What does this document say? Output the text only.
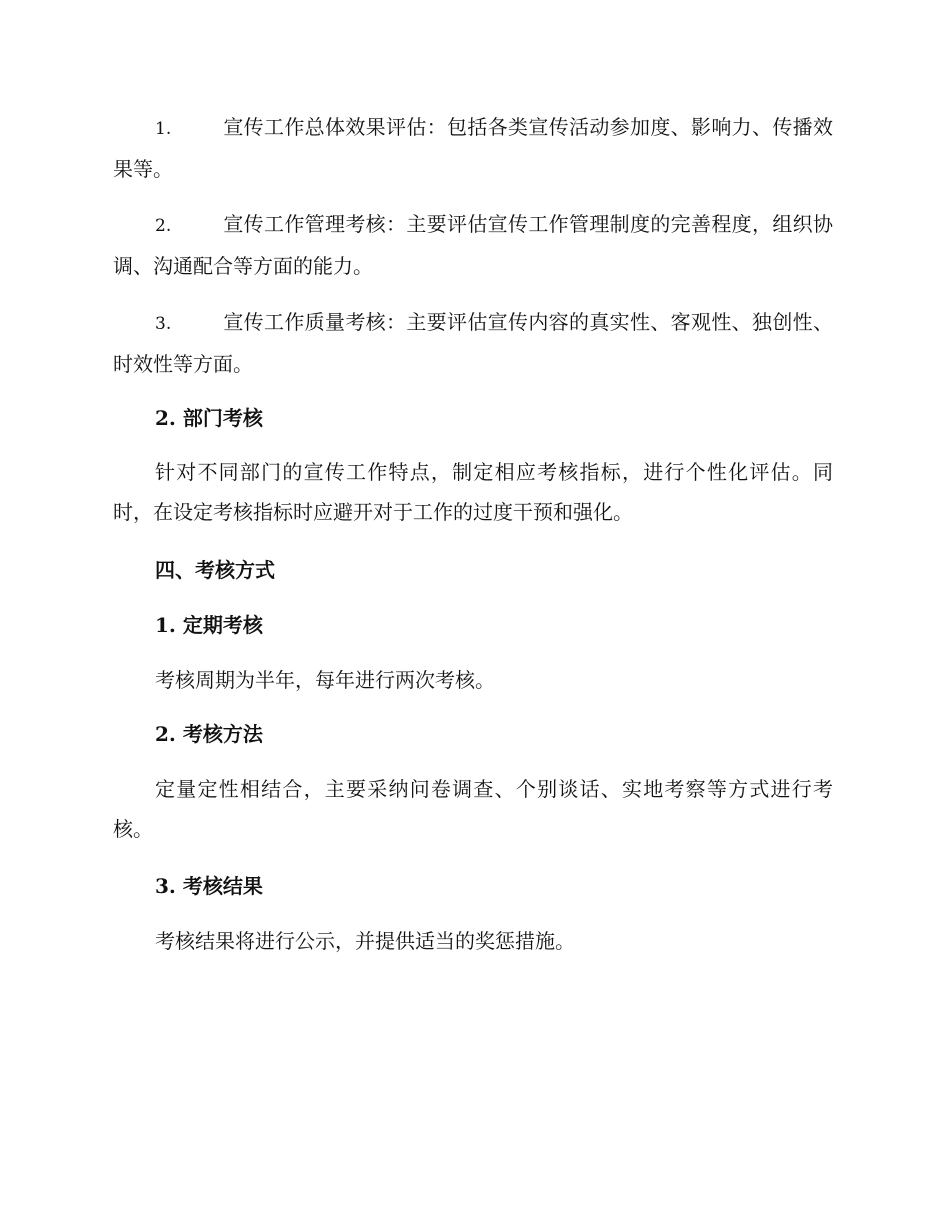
1.	宣传工作总体效果评估：包括各类宣传活动参加度、影响力、传播效果等。
2.	宣传工作管理考核：主要评估宣传工作管理制度的完善程度，组织协调、沟通配合等方面的能力。
3.	宣传工作质量考核：主要评估宣传内容的真实性、客观性、独创性、时效性等方面。
2. 部门考核
针对不同部门的宣传工作特点，制定相应考核指标，进行个性化评估。同时，在设定考核指标时应避开对于工作的过度干预和强化。
四、考核方式
1. 定期考核
考核周期为半年，每年进行两次考核。
2. 考核方法
定量定性相结合，主要采纳问卷调查、个别谈话、实地考察等方式进行考核。
3. 考核结果
考核结果将进行公示，并提供适当的奖惩措施。
